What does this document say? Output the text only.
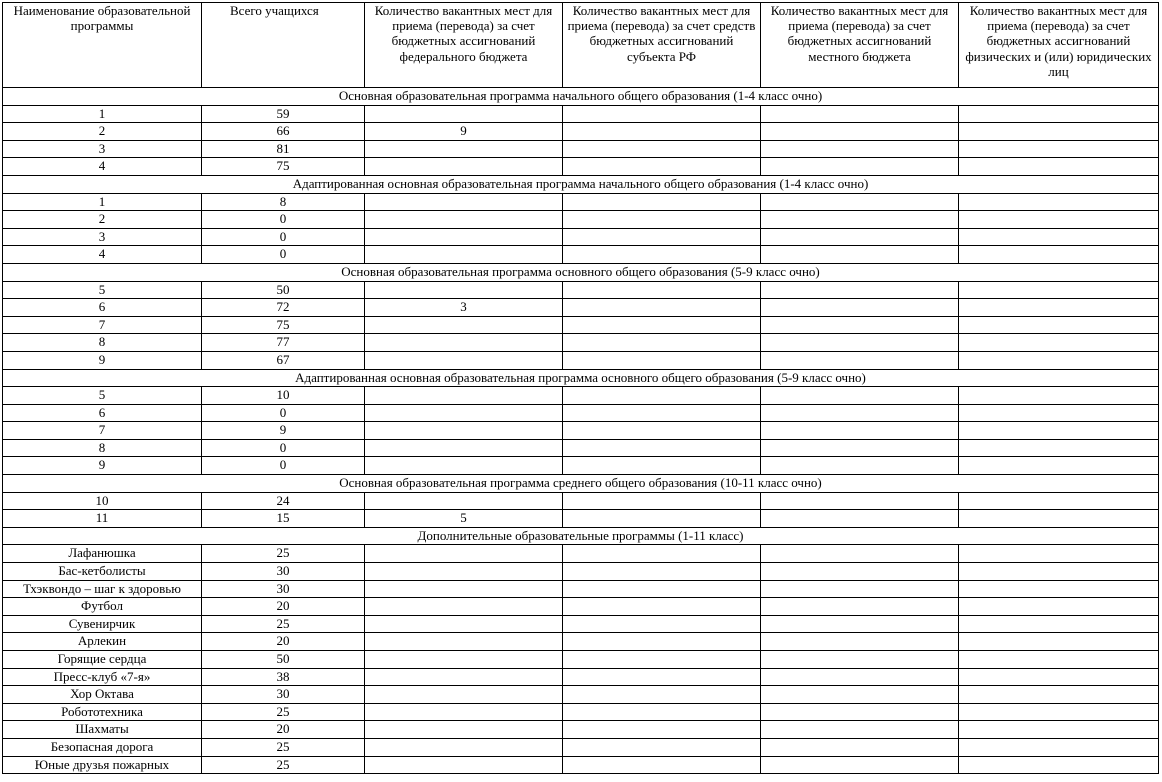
Наименование образовательной программы	Всего учащихся	Количество вакантных мест для приема (перевода) за счет бюджетных ассигнований федерального бюджета	Количество вакантных мест для приема (перевода) за счет средств бюджетных ассигнований субъекта РФ	Количество вакантных мест для приема (перевода) за счет бюджетных ассигнований местного бюджета	Количество вакантных мест для приема (перевода) за счет бюджетных ассигнований физических и (или) юридических лиц
Основная образовательная программа начального общего образования (1-4 класс очно)					
1	59				
2	66	9			
3	81				
4	75				
Адаптированная основная образовательная программа начального общего образования (1-4 класс очно)					
1	8				
2	0				
3	0				
4	0				
Основная образовательная программа основного общего образования (5-9 класс очно)					
5	50				
6	72	3			
7	75				
8	77				
9	67				
Адаптированная основная образовательная программа основного общего образования (5-9 класс очно)					
5	10				
6	0				
7	9				
8	0				
9	0				
Основная образовательная программа среднего общего образования (10-11 класс очно)					
10	24				
11	15	5			
Дополнительные образовательные программы (1-11 класс)					
Лафанюшка	25				
Бас-кетболисты	30				
Тхэквондо – шаг к здоровью	30				
Футбол	20				
Сувенирчик	25				
Арлекин	20				
Горящие сердца	50				
Пресс-клуб «7-я»	38				
Хор Октава	30				
Робототехника	25				
Шахматы	20				
Безопасная дорога	25				
Юные друзья пожарных	25				
